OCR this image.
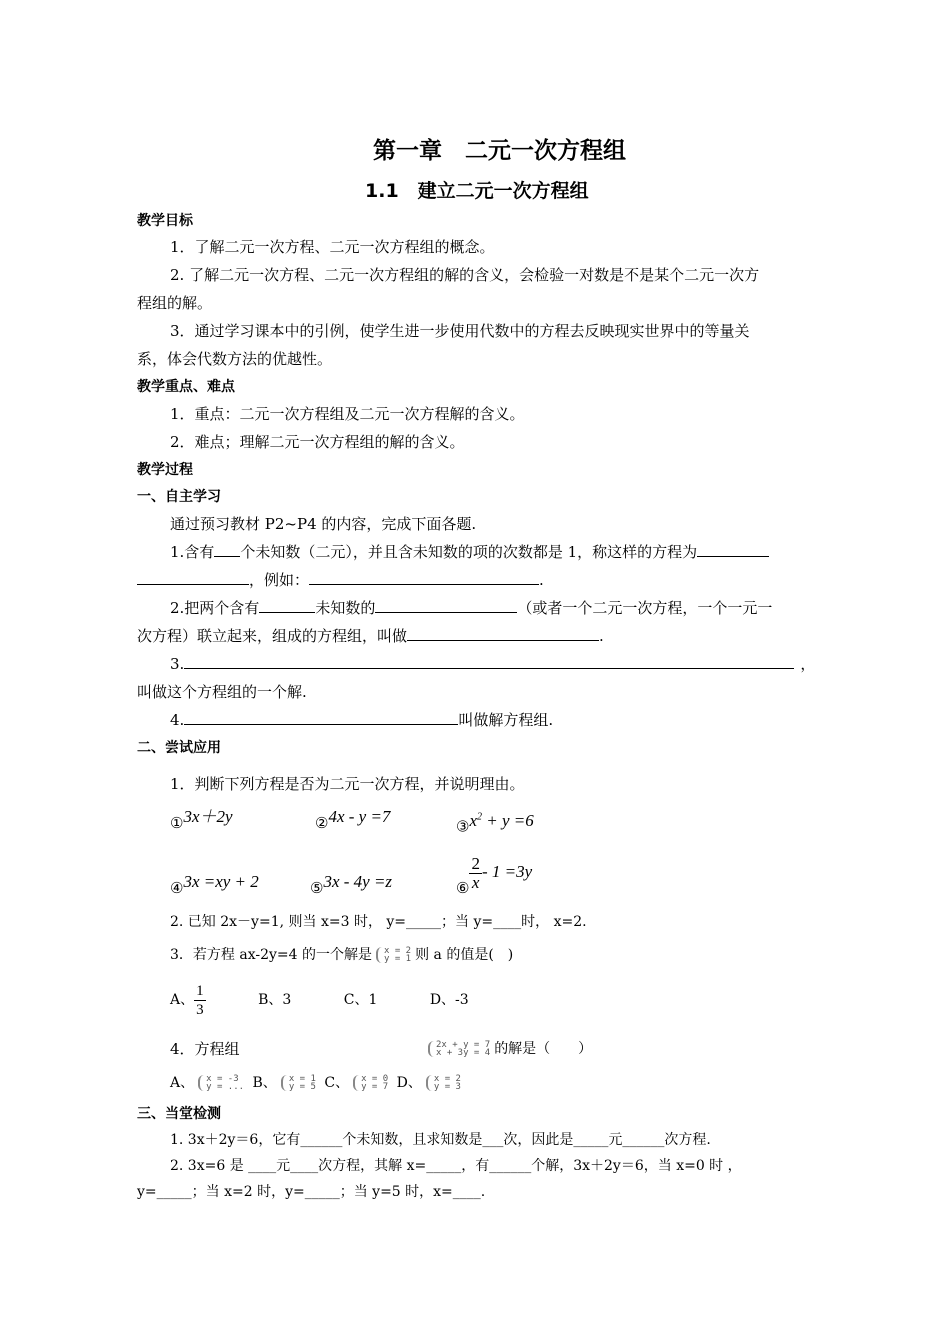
第一章　二元一次方程组
1.1　建立二元一次方程组
教学目标
1．了解二元一次方程、二元一次方程组的概念。
2. 了解二元一次方程、二元一次方程组的解的含义，会检验一对数是不是某个二元一次方
程组的解。
3．通过学习课本中的引例，使学生进一步使用代数中的方程去反映现实世界中的等量关
系，体会代数方法的优越性。
教学重点、难点
1．重点：二元一次方程组及二元一次方程解的含义。
2．难点；理解二元一次方程组的解的含义。
教学过程
一、自主学习
通过预习教材 P2~P4 的内容，完成下面各题.
1.含有 个未知数（二元），并且含未知数的项的次数都是 1，称这样的方程为
，例如：	.
2.把两个含有	未知数的	（或者一个二元一次方程，一个一元一
次方程）联立起来，组成的方程组，叫做	.
3.	，
叫做这个方程组的一个解.
4.	叫做解方程组.
二、尝试应用
1．判断下列方程是否为二元一次方程，并说明理由。
①3x＋2y	②4x - y =7
$③x^2 + y =6$
④3x =xy + 2	⑤3x - 4y =z	⑥ $\frac{2}{x} - 1 =3y$
2. 已知 2x－y=1, 则当 x=3 时， y=_____；当 y=____时， x=2.
3．若方程 ax-2y=4 的一个解是 x = 2
y = 1 则 a 的值是(　)
A、 $\frac{1}{3}$	B、3	C、1	D、-3
4．方程组	2x + y = 7
x + 3y = 4 的解是（　　）
A、 x = -3
y = ... B、 x = 1
y = 5 C、 x = 0
y = 7 D、 x = 2
y = 3
三、当堂检测
1. 3x＋2y＝6，它有______个未知数，且求知数是___次，因此是_____元______次方程.
2. 3x=6 是 ____元____次方程，其解 x=_____，有______个解，3x＋2y＝6，当 x=0 时 ，
y=_____；当 x=2 时，y=_____；当 y=5 时，x=____.
